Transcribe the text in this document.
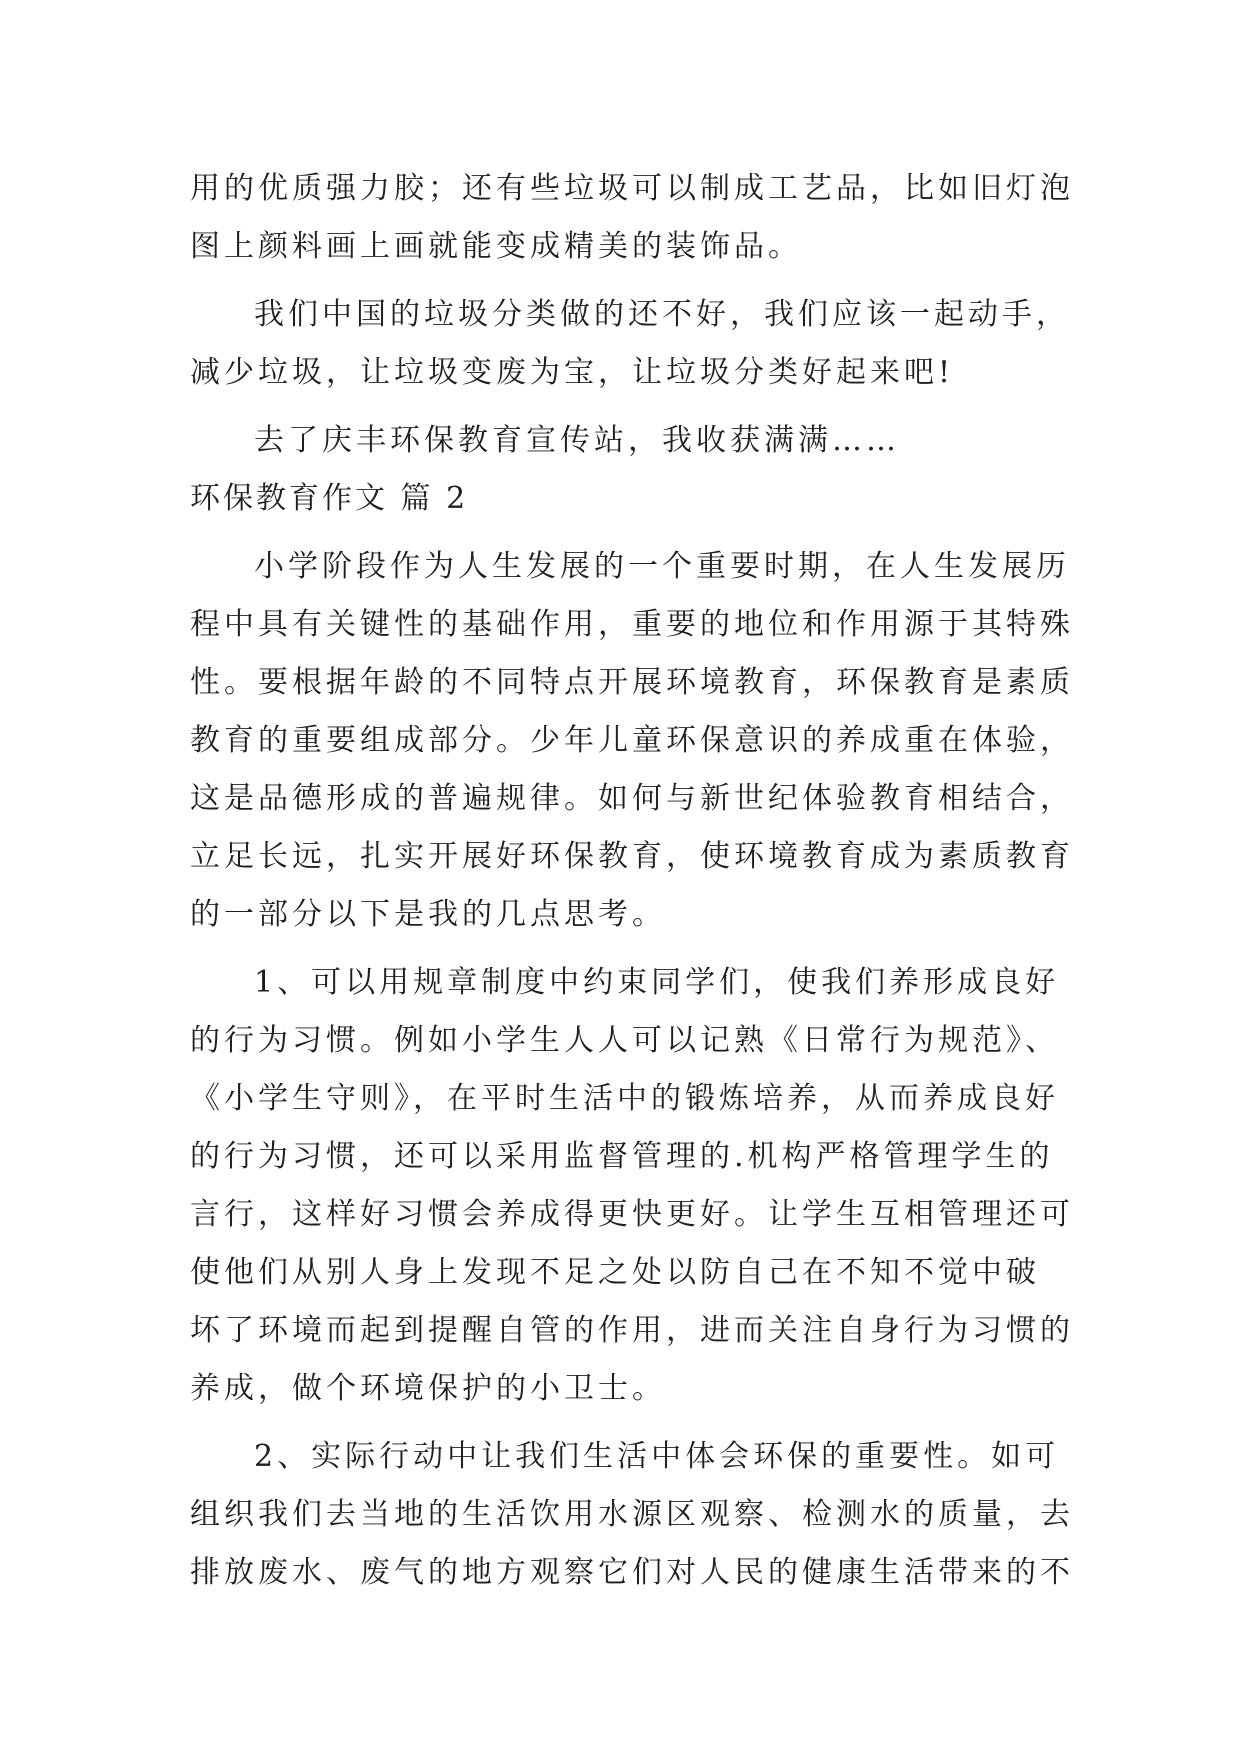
用的优质强力胶；还有些垃圾可以制成工艺品，比如旧灯泡
图上颜料画上画就能变成精美的装饰品。
我们中国的垃圾分类做的还不好，我们应该一起动手，
减少垃圾，让垃圾变废为宝，让垃圾分类好起来吧!
去了庆丰环保教育宣传站，我收获满满……
环保教育作文 篇 2
小学阶段作为人生发展的一个重要时期，在人生发展历
程中具有关键性的基础作用，重要的地位和作用源于其特殊
性。要根据年龄的不同特点开展环境教育，环保教育是素质
教育的重要组成部分。少年儿童环保意识的养成重在体验，
这是品德形成的普遍规律。如何与新世纪体验教育相结合，
立足长远，扎实开展好环保教育，使环境教育成为素质教育
的一部分以下是我的几点思考。
1、可以用规章制度中约束同学们，使我们养形成良好
的行为习惯。例如小学生人人可以记熟《日常行为规范》、
《小学生守则》，在平时生活中的锻炼培养，从而养成良好
的行为习惯，还可以采用监督管理的.机构严格管理学生的
言行，这样好习惯会养成得更快更好。让学生互相管理还可
使他们从别人身上发现不足之处以防自己在不知不觉中破
坏了环境而起到提醒自管的作用，进而关注自身行为习惯的
养成，做个环境保护的小卫士。
2、实际行动中让我们生活中体会环保的重要性。如可
组织我们去当地的生活饮用水源区观察、检测水的质量，去
排放废水、废气的地方观察它们对人民的健康生活带来的不
